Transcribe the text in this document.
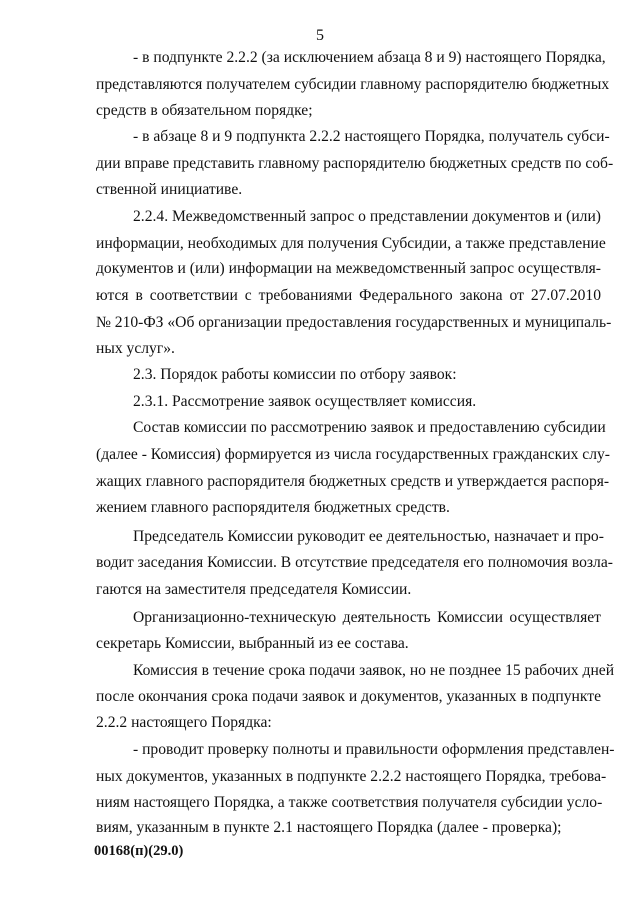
5
- в подпункте 2.2.2 (за исключением абзаца 8 и 9) настоящего Порядка,
представляются получателем субсидии главному распорядителю бюджетных
средств в обязательном порядке;
- в абзаце 8 и 9 подпункта 2.2.2 настоящего Порядка, получатель субси-
дии вправе представить главному распорядителю бюджетных средств по соб-
ственной инициативе.
2.2.4. Межведомственный запрос о представлении документов и (или)
информации, необходимых для получения Субсидии, а также представление
документов и (или) информации на межведомственный запрос осуществля-
ются в соответствии с требованиями Федерального закона от 27.07.2010
№ 210-ФЗ «Об организации предоставления государственных и муниципаль-
ных услуг».
2.3. Порядок работы комиссии по отбору заявок:
2.3.1. Рассмотрение заявок осуществляет комиссия.
Состав комиссии по рассмотрению заявок и предоставлению субсидии
(далее - Комиссия) формируется из числа государственных гражданских слу-
жащих главного распорядителя бюджетных средств и утверждается распоря-
жением главного распорядителя бюджетных средств.
Председатель Комиссии руководит ее деятельностью, назначает и про-
водит заседания Комиссии. В отсутствие председателя его полномочия возла-
гаются на заместителя председателя Комиссии.
Организационно-техническую деятельность Комиссии осуществляет
секретарь Комиссии, выбранный из ее состава.
Комиссия в течение срока подачи заявок, но не позднее 15 рабочих дней
после окончания срока подачи заявок и документов, указанных в подпункте
2.2.2 настоящего Порядка:
- проводит проверку полноты и правильности оформления представлен-
ных документов, указанных в подпункте 2.2.2 настоящего Порядка, требова-
ниям настоящего Порядка, а также соответствия получателя субсидии усло-
виям, указанным в пункте 2.1 настоящего Порядка (далее - проверка);
00168(п)(29.0)
